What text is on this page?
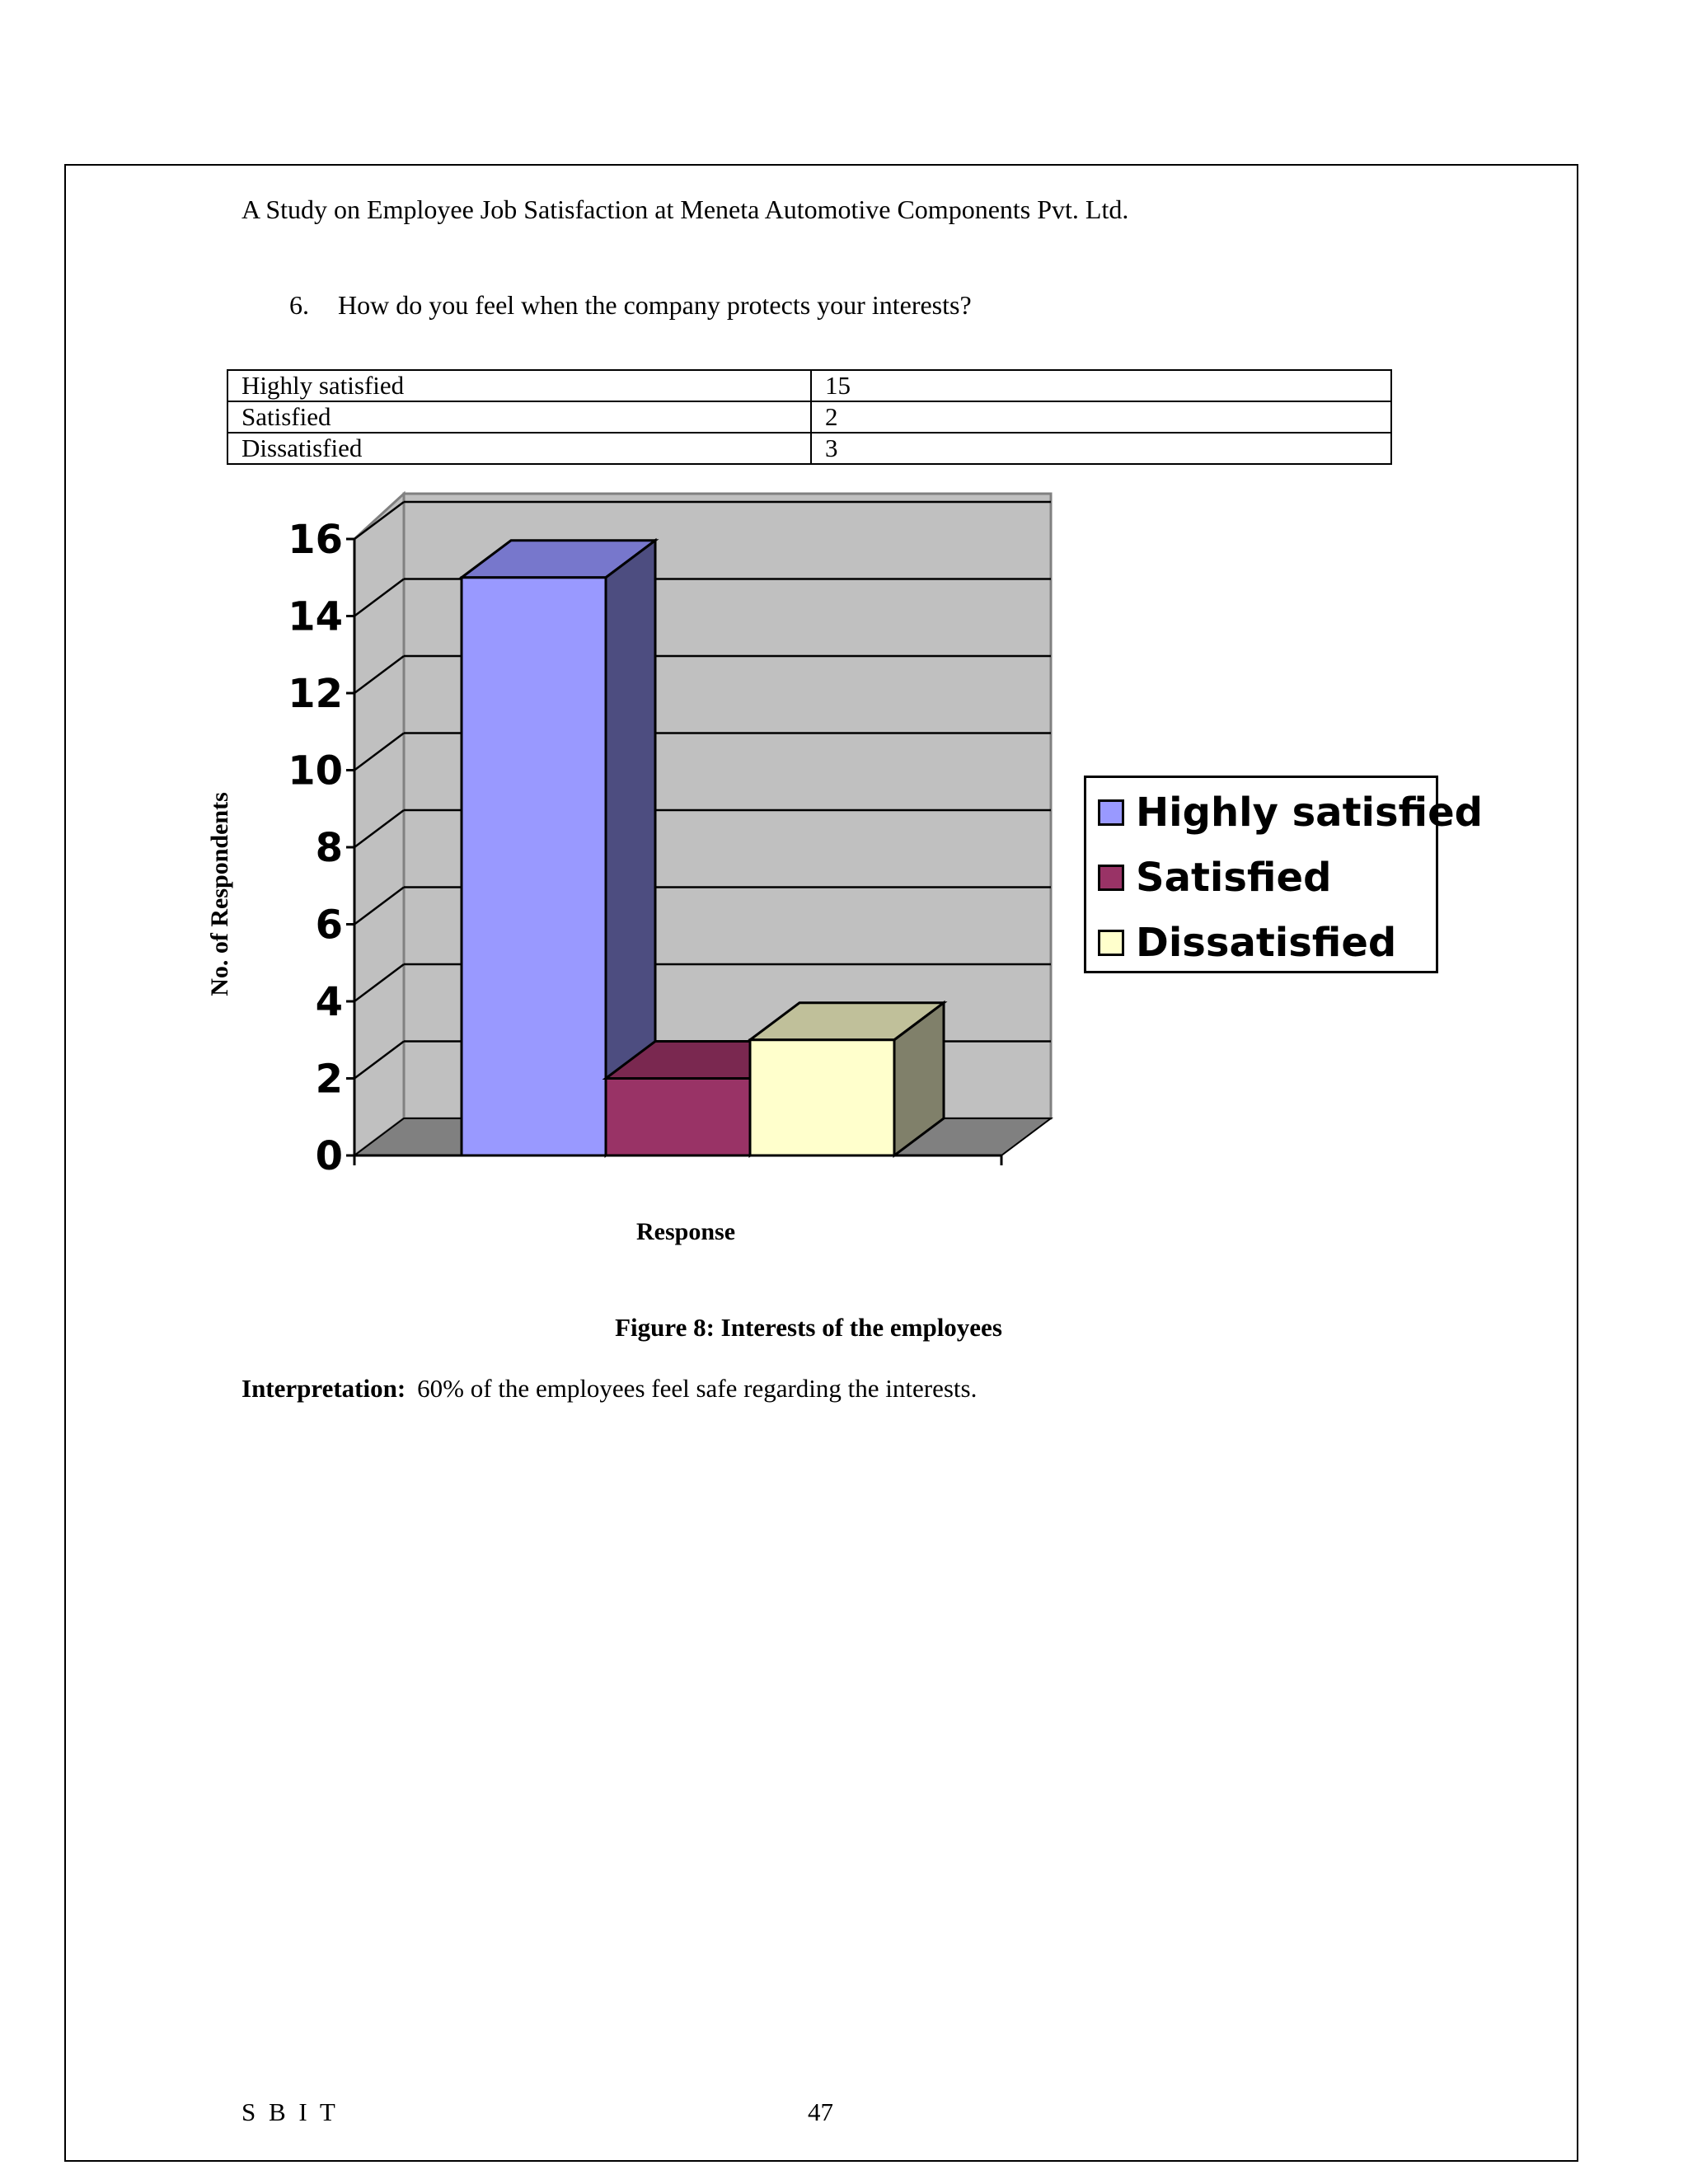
A Study on Employee Job Satisfaction at Meneta Automotive Components Pvt. Ltd.
6. How do you feel when the company protects your interests?
Highly satisfied	15
Satisfied	2
Dissatisfied	3
0
2
4
6
8
10
12
14
16
No. of Respondents
Response
Highly satisfied
Satisfied
Dissatisfied
Figure 8: Interests of the employees
Interpretation: 60% of the employees feel safe regarding the interests.
S B I T	47
